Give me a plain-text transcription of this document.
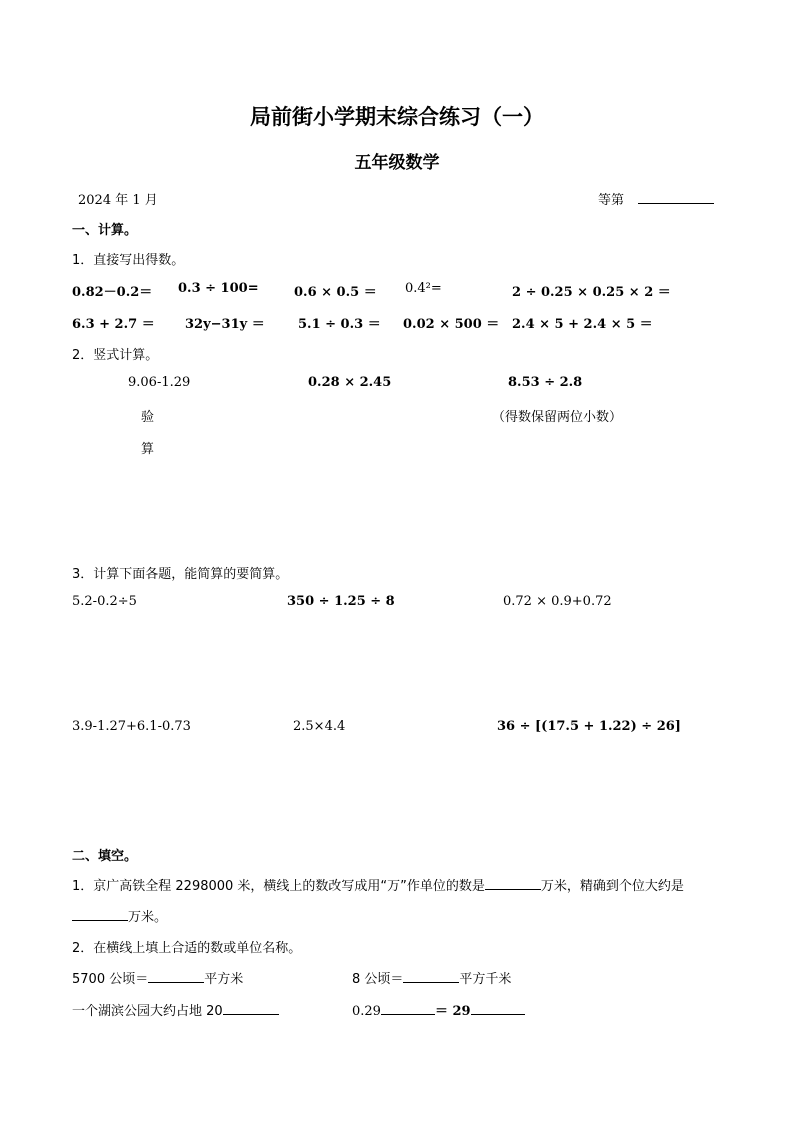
局前街小学期末综合练习（一）
五年级数学
2024 年 1 月	等第
一、计算。
1．直接写出得数。
0.82－0.2＝ 0.3 ÷ 100=	0.6 × 0.5 ＝ 0.4²=	2 ÷ 0.25 × 0.25 × 2 ＝
6.3 + 2.7 ＝ 32y−31y ＝	5.1 ÷ 0.3 ＝ 0.02 × 500 ＝ 2.4 × 5 + 2.4 × 5 ＝
2．竖式计算。
9.06-1.29	0.28 × 2.45	8.53 ÷ 2.8
验
算
（得数保留两位小数）
3．计算下面各题，能简算的要简算。
5.2-0.2÷5	350 ÷ 1.25 ÷ 8	0.72 × 0.9+0.72
3.9-1.27+6.1-0.73	2.5×4.4	36 ÷ [(17.5 + 1.22) ÷ 26]
二、填空。
1．京广高铁全程 2298000 米，横线上的数改写成用“万”作单位的数是	万米，精确到个位大约是
万米。
2．在横线上填上合适的数或单位名称。
5700 公顷＝	平方米	8 公顷＝	平方千米
一个湖滨公园大约占地 20	0.29	＝ 29
